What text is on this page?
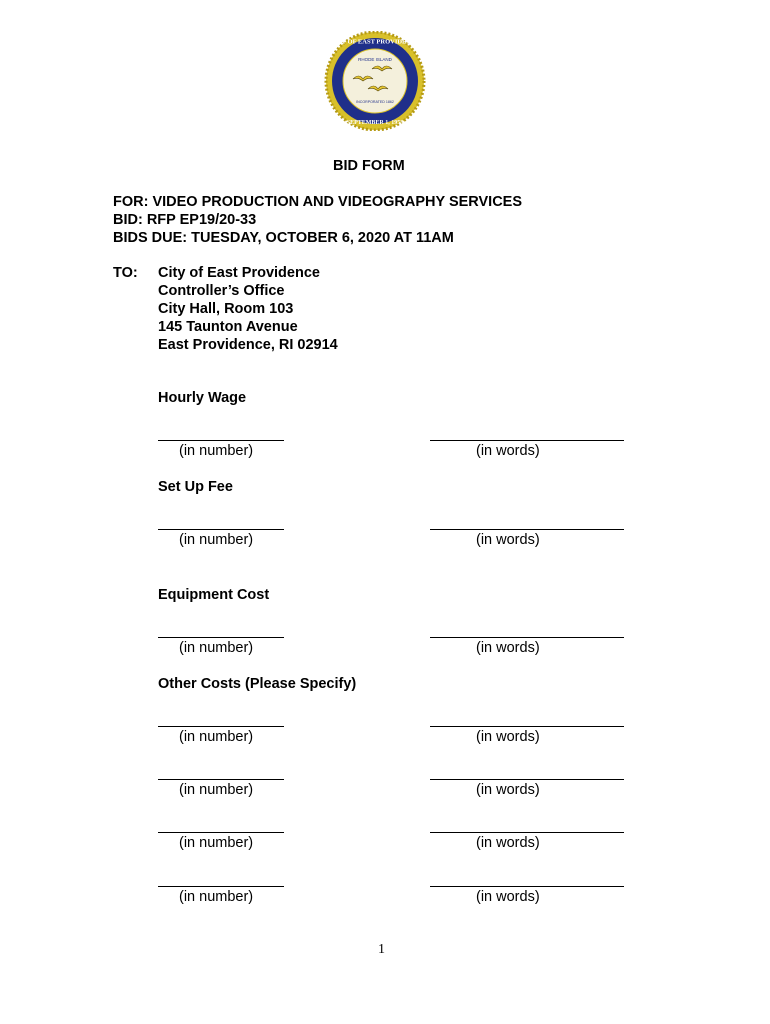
RHODE ISLAND
INCORPORATED 1862
CITY OF EAST PROVIDENCE
SEPTEMBER 1, 1958
BID FORM
FOR: VIDEO PRODUCTION AND VIDEOGRAPHY SERVICES
BID: RFP EP19/20-33
BIDS DUE: TUESDAY, OCTOBER 6, 2020 AT 11AM
TO: City of East Providence
Controller’s Office
City Hall, Room 103
145 Taunton Avenue
East Providence, RI 02914
Hourly Wage
(in number)	(in words)
Set Up Fee
(in number)	(in words)
Equipment Cost
(in number)	(in words)
Other Costs (Please Specify)
(in number)	(in words)
(in number)	(in words)
(in number)	(in words)
(in number)	(in words)
1
